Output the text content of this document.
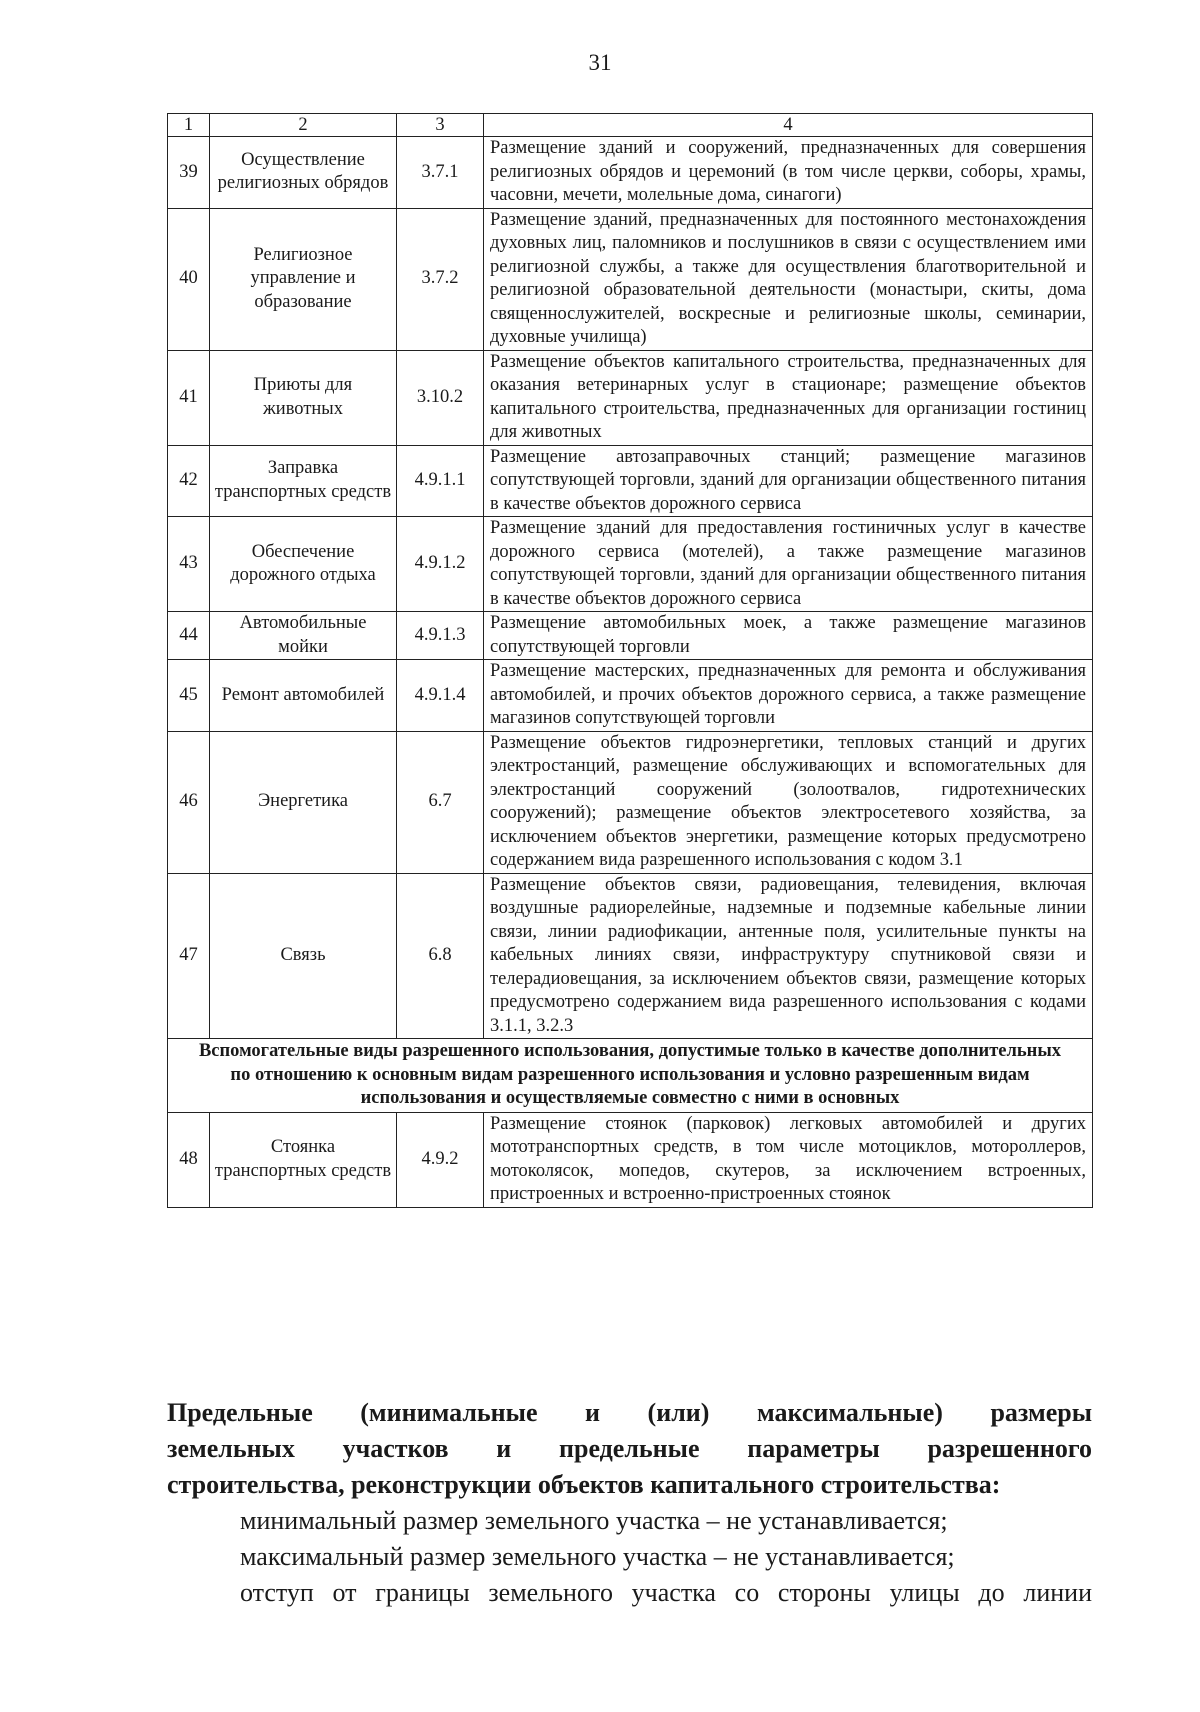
31
1	2	3	4
39	Осуществление религиозных обрядов	3.7.1	Размещение зданий и сооружений, предназначенных для совершения религиозных обрядов и церемоний (в том числе церкви, соборы, храмы, часовни, мечети, молельные дома, синагоги)
40	Религиозное управление и образование	3.7.2	Размещение зданий, предназначенных для постоянного местонахождения духовных лиц, паломников и послушников в связи с осуществлением ими религиозной службы, а также для осуществления благотворительной и религиозной образовательной деятельности (монастыри, скиты, дома священнослужителей, воскресные и религиозные школы, семинарии, духовные училища)
41	Приюты для животных	3.10.2	Размещение объектов капитального строительства, предназначенных для оказания ветеринарных услуг в стационаре; размещение объектов капитального строительства, предназначенных для организации гостиниц для животных
42	Заправка транспортных средств	4.9.1.1	Размещение автозаправочных станций; размещение магазинов сопутствующей торговли, зданий для организации общественного питания в качестве объектов дорожного сервиса
43	Обеспечение дорожного отдыха	4.9.1.2	Размещение зданий для предоставления гостиничных услуг в качестве дорожного сервиса (мотелей), а также размещение магазинов сопутствующей торговли, зданий для организации общественного питания в качестве объектов дорожного сервиса
44	Автомобильные мойки	4.9.1.3	Размещение автомобильных моек, а также размещение магазинов сопутствующей торговли
45	Ремонт автомобилей	4.9.1.4	Размещение мастерских, предназначенных для ремонта и обслуживания автомобилей, и прочих объектов дорожного сервиса, а также размещение магазинов сопутствующей торговли
46	Энергетика	6.7	Размещение объектов гидроэнергетики, тепловых станций и других электростанций, размещение обслуживающих и вспомогательных для электростанций сооружений (золоотвалов, гидротехнических сооружений); размещение объектов электросетевого хозяйства, за исключением объектов энергетики, размещение которых предусмотрено содержанием вида разрешенного использования с кодом 3.1
47	Связь	6.8	Размещение объектов связи, радиовещания, телевидения, включая воздушные радиорелейные, надземные и подземные кабельные линии связи, линии радиофикации, антенные поля, усилительные пункты на кабельных линиях связи, инфраструктуру спутниковой связи и телерадиовещания, за исключением объектов связи, размещение которых предусмотрено содержанием вида разрешенного использования с кодами 3.1.1, 3.2.3
Вспомогательные виды разрешенного использования, допустимые только в качестве дополнительных по отношению к основным видам разрешенного использования и условно разрешенным видам использования и осуществляемые совместно с ними в основных			
48	Стоянка транспортных средств	4.9.2	Размещение стоянок (парковок) легковых автомобилей и других мототранспортных средств, в том числе мотоциклов, мотороллеров, мотоколясок, мопедов, скутеров, за исключением встроенных, пристроенных и встроенно-пристроенных стоянок
Предельные (минимальные и (или) максимальные) размеры
земельных участков и предельные параметры разрешенного
строительства, реконструкции объектов капитального строительства:
минимальный размер земельного участка – не устанавливается;
максимальный размер земельного участка – не устанавливается;
отступ от границы земельного участка со стороны улицы до линии
